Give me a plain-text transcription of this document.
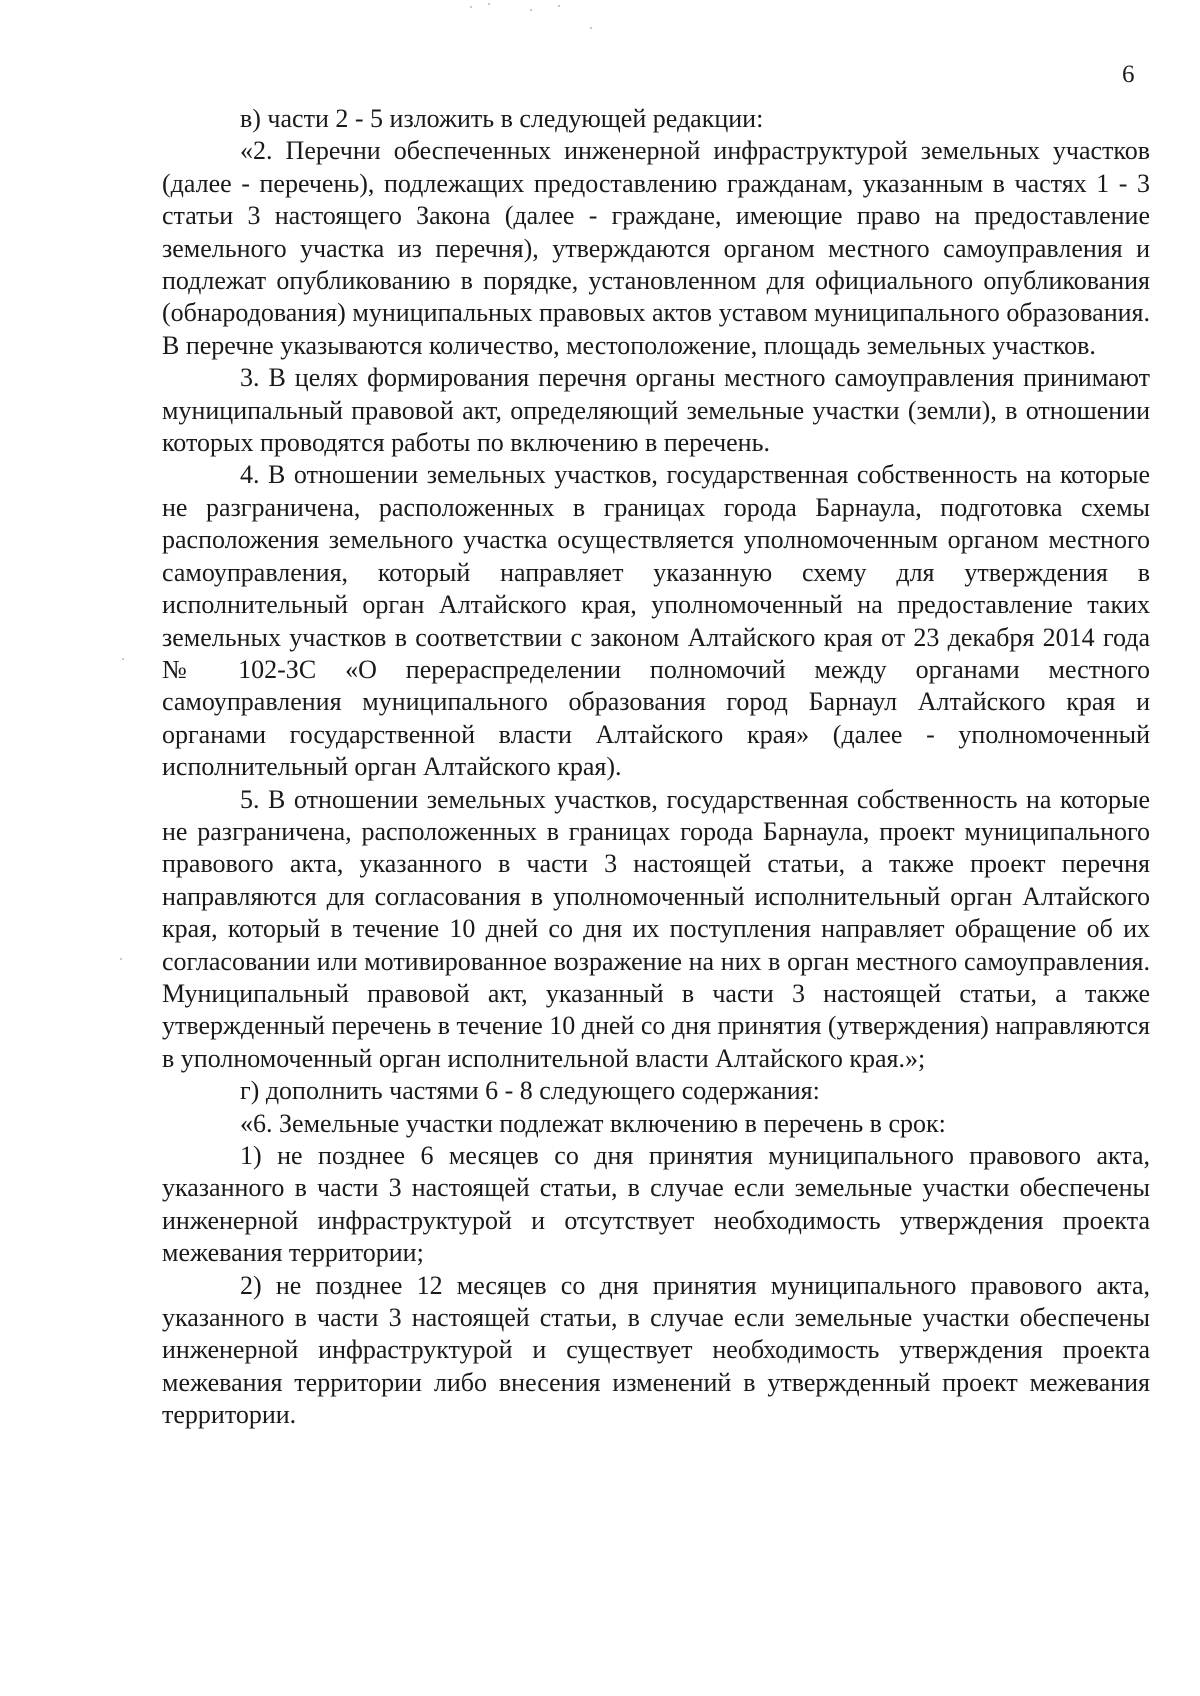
6

в) части 2 - 5 изложить в следующей редакции:

«2. Перечни обеспеченных инженерной инфраструктурой земельных участков (далее - перечень), подлежащих предоставлению гражданам, указанным в частях 1 - 3 статьи 3 настоящего Закона (далее - граждане, имеющие право на предоставление земельного участка из перечня), утверждаются органом местного самоуправления и подлежат опубликованию в порядке, установленном для официального опубликования (обнародования) муниципальных правовых актов уставом муниципального образования. В перечне указываются количество, местоположение, площадь земельных участков.

3. В целях формирования перечня органы местного самоуправления принимают муниципальный правовой акт, определяющий земельные участки (земли), в отношении которых проводятся работы по включению в перечень.

4. В отношении земельных участков, государственная собственность на которые не разграничена, расположенных в границах города Барнаула, подготовка схемы расположения земельного участка осуществляется уполномоченным органом местного самоуправления, который направляет указанную схему для утверждения в исполнительный орган Алтайского края, уполномоченный на предоставление таких земельных участков в соответствии с законом Алтайского края от 23 декабря 2014 года № 102-ЗС «О перераспределении полномочий между органами местного самоуправления муниципального образования город Барнаул Алтайского края и органами государственной власти Алтайского края» (далее - уполномоченный исполнительный орган Алтайского края).

5. В отношении земельных участков, государственная собственность на которые не разграничена, расположенных в границах города Барнаула, проект муниципального правового акта, указанного в части 3 настоящей статьи, а также проект перечня направляются для согласования в уполномоченный исполнительный орган Алтайского края, который в течение 10 дней со дня их поступления направляет обращение об их согласовании или мотивированное возражение на них в орган местного самоуправления. Муниципальный правовой акт, указанный в части 3 настоящей статьи, а также утвержденный перечень в течение 10 дней со дня принятия (утверждения) направляются в уполномоченный орган исполнительной власти Алтайского края.»;

г) дополнить частями 6 - 8 следующего содержания:

«6. Земельные участки подлежат включению в перечень в срок:

1) не позднее 6 месяцев со дня принятия муниципального правового акта, указанного в части 3 настоящей статьи, в случае если земельные участки обеспечены инженерной инфраструктурой и отсутствует необходимость утверждения проекта межевания территории;

2) не позднее 12 месяцев со дня принятия муниципального правового акта, указанного в части 3 настоящей статьи, в случае если земельные участки обеспечены инженерной инфраструктурой и существует необходимость утверждения проекта межевания территории либо внесения изменений в утвержденный проект межевания территории.
